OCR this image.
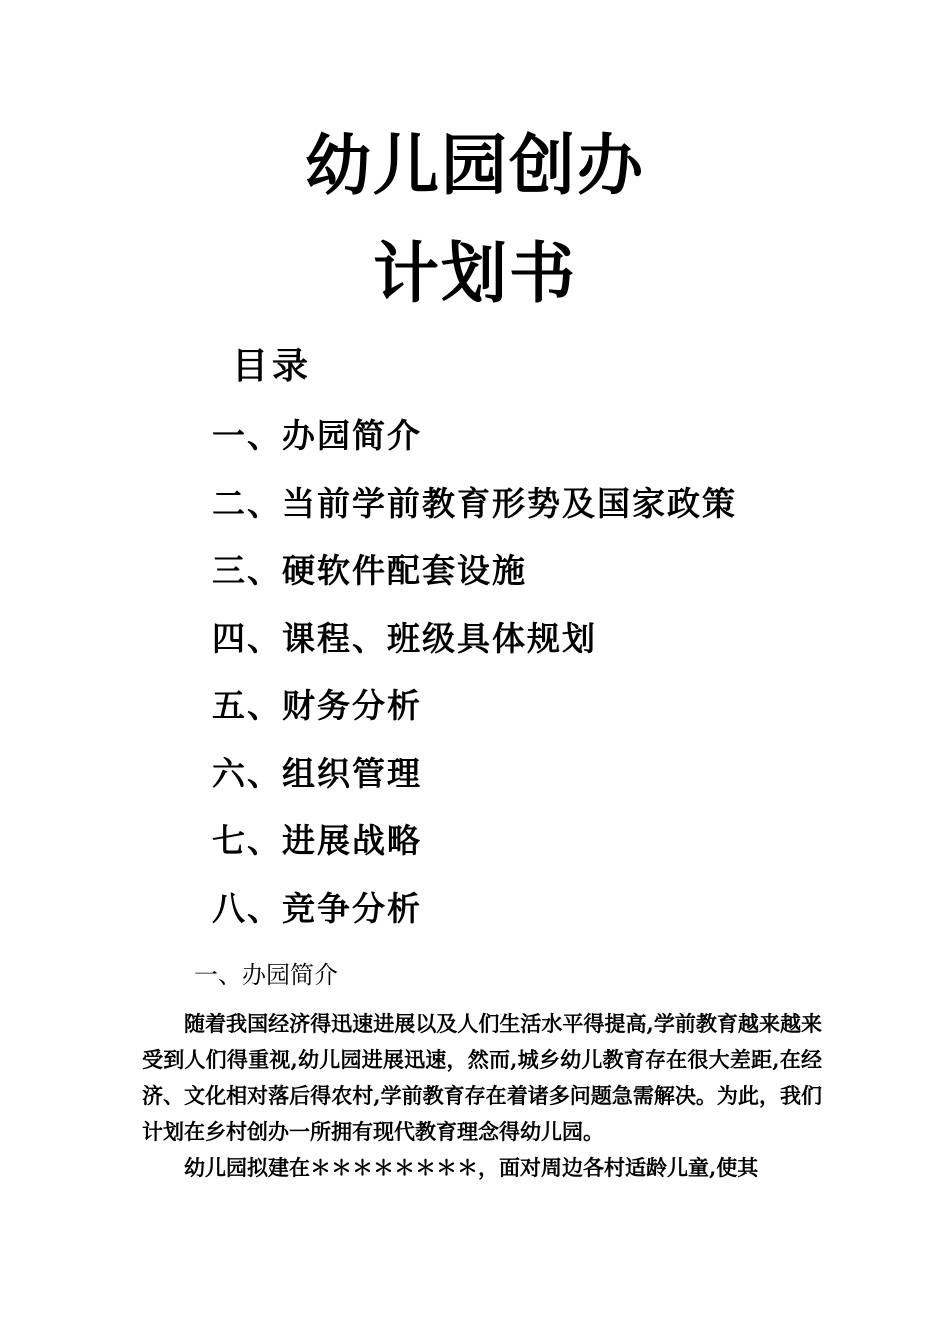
幼儿园创办
计划书
目录
一、办园简介
二、当前学前教育形势及国家政策
三、硬软件配套设施
四、课程、班级具体规划
五、财务分析
六、组织管理
七、进展战略
八、竞争分析
一、办园简介

随着我国经济得迅速进展以及人们生活水平得提高,学前教育越来越来受到人们得重视,幼儿园进展迅速，然而,城乡幼儿教育存在很大差距,在经济、文化相对落后得农村,学前教育存在着诸多问题急需解决。为此，我们计划在乡村创办一所拥有现代教育理念得幼儿园。

幼儿园拟建在＊＊＊＊＊＊＊＊，面对周边各村适龄儿童,使其
